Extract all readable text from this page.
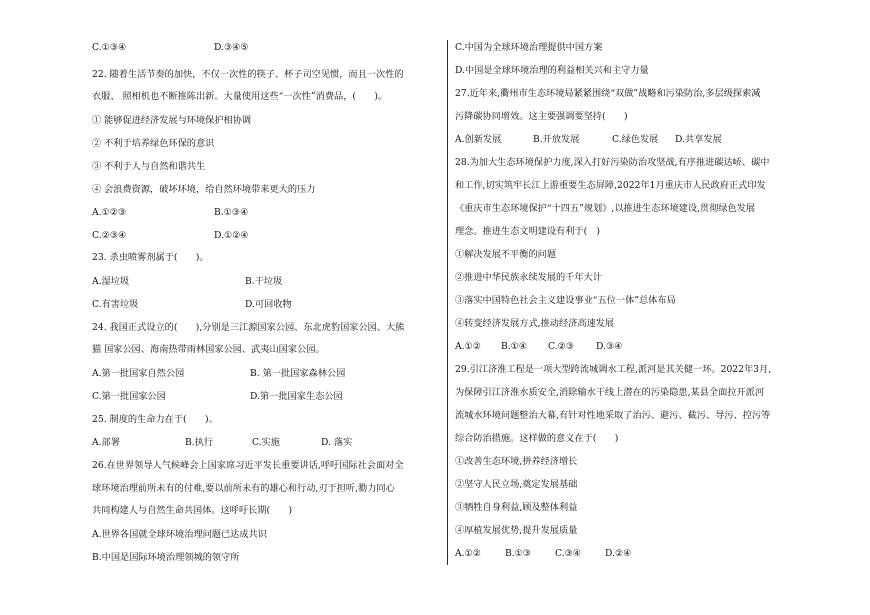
C.①③④	D.③④⑤
22. 随着生活节奏的加快，不仅一次性的筷子、杯子司空见惯，而且一次性的
衣服、 照相机也不断推陈出新。大量使用这些“一次性”消费品，(　　)。
① 能够促进经济发展与环境保护相协调
② 不利于培养绿色环保的意识
③ 不利于人与自然和谐共生
④ 会浪费资源，破坏环境，给自然环境带来更大的压力
A.①②③	B.①③④
C.②③④	D.①②④
23. 杀虫喷雾剂属于(　　)。
A.湿垃圾	B.干垃圾
C.有害垃圾	D.可回收物
24. 我国正式设立的(　　),分别是三江源国家公园、东北虎豹国家公园、大熊
猫 国家公园、海南热带雨林国家公园、武夷山国家公园。
A.第一批国家自然公园	B. 第一批国家森林公园
C.第一批国家公园	D.第一批国家生态公园
25. 制度的生命力在于(　　)。
A.部署	B.执行	C.实施	D. 落实
26.在世界领导人气候峰会上国家席习近平发长重要讲话,呼吁国际社会面对全
球环境治理前所未有的付难,要以前所未有的雄心和行动,刃于担听,勠力同心
共同构建人与自然生命共国体。这呼吁长期(　　)
A.世界各国就全球环境治理问题已达成共识
B.中国是国际环境治理领城的领守所
C.中国为全球环境治理提供中国方案
D.中国是全球环境治理的利益相关兴和主守力量
27.近年来,衢州市生态环境局紧紧围绕“双做”战略和污染防治,多层级探索减
污降碳协同增效。这主要强调要坚持(　　)
A.创新发展	B.开放发展	C.绿色发展 D.共享发展
28.为加大生态环境保护力度,深入打好污染防治攻坚战,有序推进碳达峤、碳中
和工作,切实筑牢长江上游重要生态屏障,2022年1月重庆市人民政府正式印发
《重庆市生态环境保护“十四五”规划》,以推进生态环境建设,贯彻绿色发展
理念。推进生态文明建设有利于(　)
①解决发展不平衡的问题
②推进中华民族永续发展的千年大计
③落实中国特色社会主义建设事业“五位一体”总体布局
④转变经济发展方式,推动经济高速发展
A.①② B.①④ C.②③ D.③④
29.引江济淮工程是一项大型跨流城调水工程,派河是其关健一环。2022年3月,
为保障引江济淮水质安全,消除输水干线上潜在的污染隐患,某县全面拉开派河
流城水环境问题整治大幕,有针对性地采取了治污、避污、截污、导污、控污等
综合防治措施。这样做的意义在于(　　)
①改善生态环境,拼养经济增长
②坚守人民立场,奠定发展基础
③牺牲自身利益,顾及整体利益
④厚植发展优势,提升发展质量
A.①②	B.①③	C.③④	D.②④
